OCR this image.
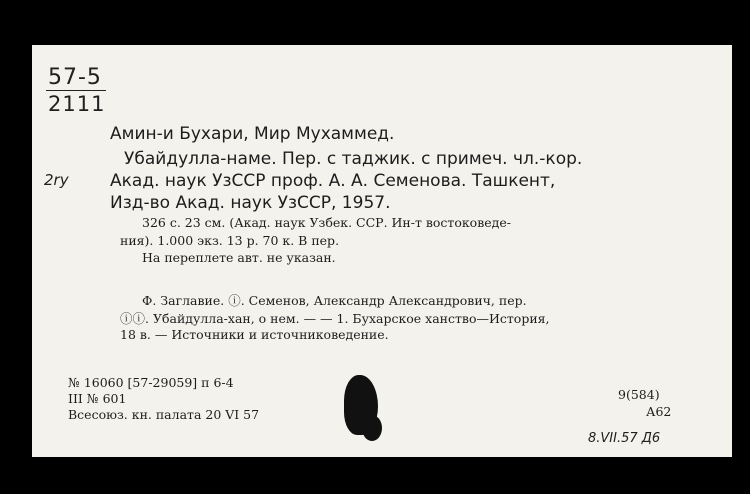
57-5
2111
2ry
Амин-и Бухари, Мир Мухаммед.
Убайдулла-наме. Пер. с таджик. с примеч. чл.-кор.
Акад. наук УзССР проф. А. А. Семенова. Ташкент,
Изд-во Акад. наук УзССР, 1957.
326 с. 23 см. (Акад. наук Узбек. ССР. Ин-т востоковеде-
ния). 1.000 экз. 13 р. 70 к. В пер.
На переплете авт. не указан.
Ф. Заглавие. ⓘ. Семенов, Александр Александрович, пер.
ⓘⓘ. Убайдулла-хан, о нем. — — 1. Бухарское ханство—История,
18 в. — Источники и источниковедение.
№ 16060 [57-29059] п 6-4
III № 601
Всесоюз. кн. палата 20 VI 57
9(584)
А62
8.VII.57 Д6
